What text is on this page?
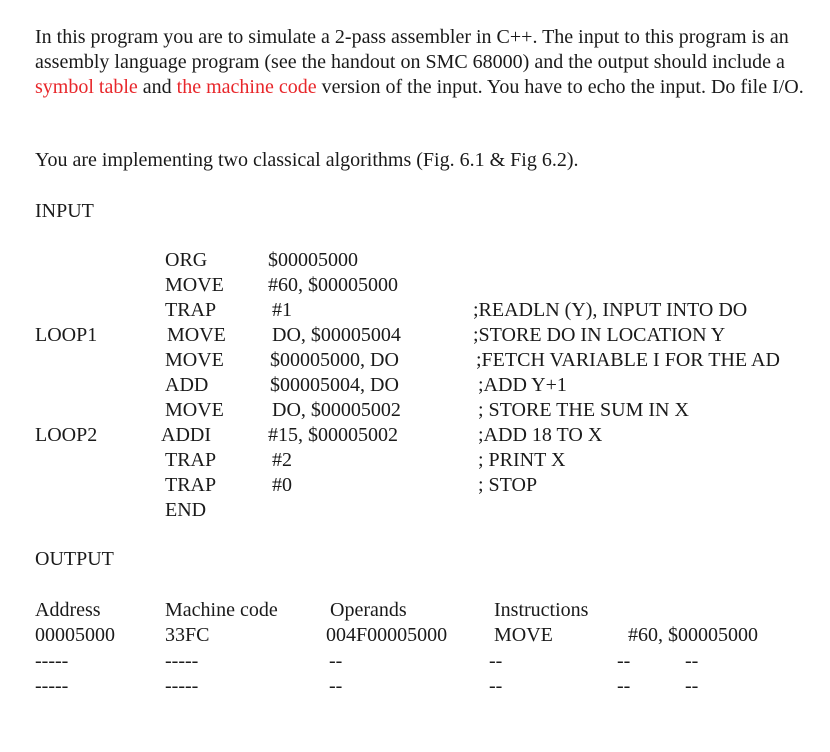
In this program you are to simulate a 2-pass assembler in C++. The input to this program is an assembly language program (see the handout on SMC 68000) and the output should include a symbol table and the machine code version of the input. You have to echo the input. Do file I/O.
You are implementing two classical algorithms (Fig. 6.1 & Fig 6.2).
INPUT
ORG	$00005000
MOVE #60, $00005000
TRAP	#1	;READLN (Y), INPUT INTO DO
LOOP1	MOVE DO, $00005004	;STORE DO IN LOCATION Y
MOVE $00005000, DO	;FETCH VARIABLE I FOR THE AD
ADD	$00005004, DO	;ADD Y+1
MOVE DO, $00005002	; STORE THE SUM IN X
LOOP2	ADDI	#15, $00005002	;ADD 18 TO X
TRAP	#2	; PRINT X
TRAP	#0	; STOP
END
OUTPUT
Address	Machine code	Operands	Instructions
00005000	33FC	004F00005000 MOVE	#60, $00005000
-----	-----	--	--	--	--
-----	-----	--	--	--	--
